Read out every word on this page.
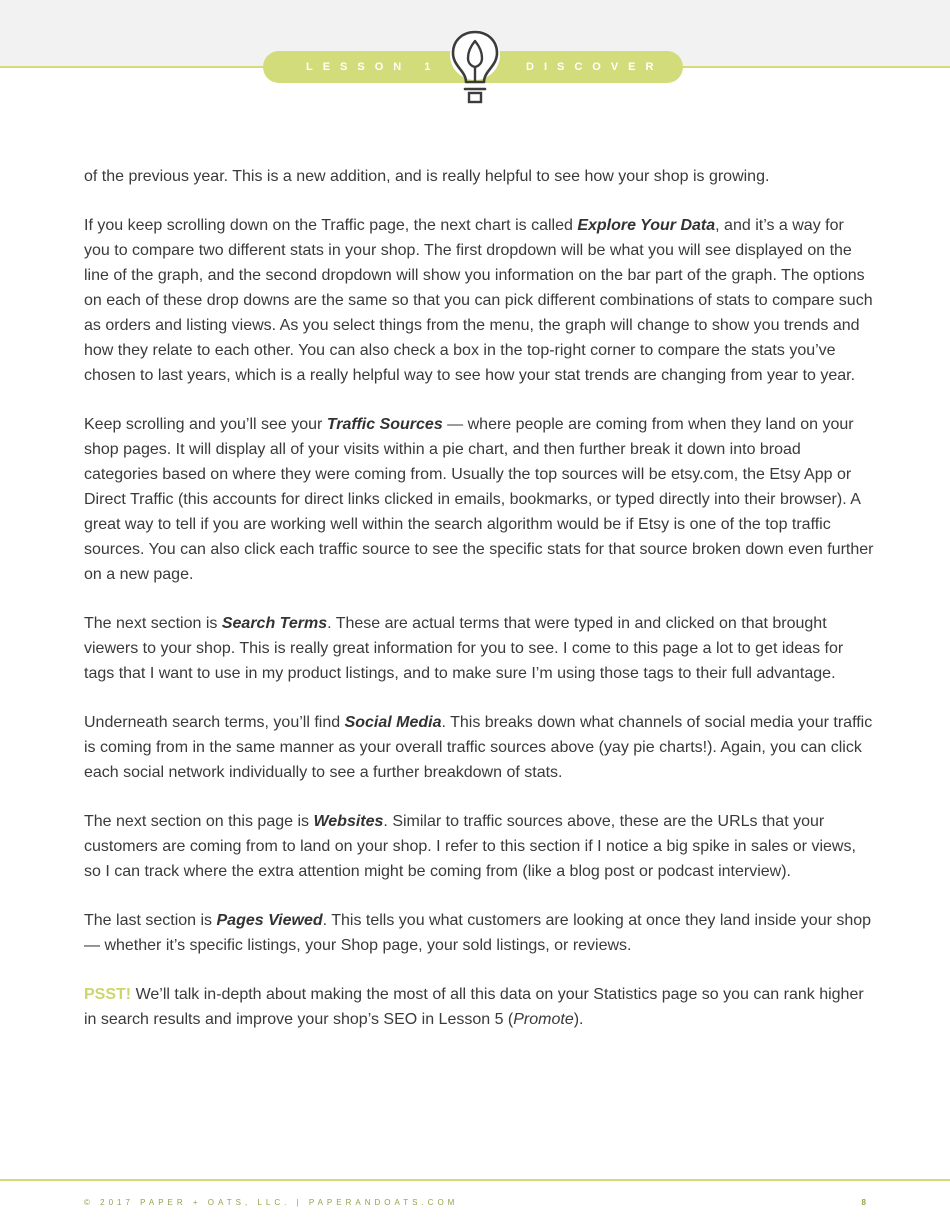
LESSON 1	DISCOVER

of the previous year. This is a new addition, and is really helpful to see how your shop is growing.

If you keep scrolling down on the Traffic page, the next chart is called Explore Your Data, and it’s a way for you to compare two different stats in your shop. The first dropdown will be what you will see displayed on the line of the graph, and the second dropdown will show you information on the bar part of the graph. The options on each of these drop downs are the same so that you can pick different combinations of stats to compare such as orders and listing views. As you select things from the menu, the graph will change to show you trends and how they relate to each other. You can also check a box in the top-right corner to compare the stats you’ve chosen to last years, which is a really helpful way to see how your stat trends are changing from year to year.

Keep scrolling and you’ll see your Traffic Sources — where people are coming from when they land on your shop pages. It will display all of your visits within a pie chart, and then further break it down into broad categories based on where they were coming from. Usually the top sources will be etsy.com, the Etsy App or Direct Traffic (this accounts for direct links clicked in emails, bookmarks, or typed directly into their browser). A great way to tell if you are working well within the search algorithm would be if Etsy is one of the top traffic sources. You can also click each traffic source to see the specific stats for that source broken down even further on a new page.

The next section is Search Terms. These are actual terms that were typed in and clicked on that brought viewers to your shop. This is really great information for you to see. I come to this page a lot to get ideas for tags that I want to use in my product listings, and to make sure I’m using those tags to their full advantage.

Underneath search terms, you’ll find Social Media. This breaks down what channels of social media your traffic is coming from in the same manner as your overall traffic sources above (yay pie charts!). Again, you can click each social network individually to see a further breakdown of stats.

The next section on this page is Websites. Similar to traffic sources above, these are the URLs that your customers are coming from to land on your shop. I refer to this section if I notice a big spike in sales or views, so I can track where the extra attention might be coming from (like a blog post or podcast interview).

The last section is Pages Viewed. This tells you what customers are looking at once they land inside your shop — whether it’s specific listings, your Shop page, your sold listings, or reviews.

PSST! We’ll talk in-depth about making the most of all this data on your Statistics page so you can rank higher in search results and improve your shop’s SEO in Lesson 5 (Promote).

© 2017 PAPER + OATS, LLC. | PAPERANDOATS.COM	8
